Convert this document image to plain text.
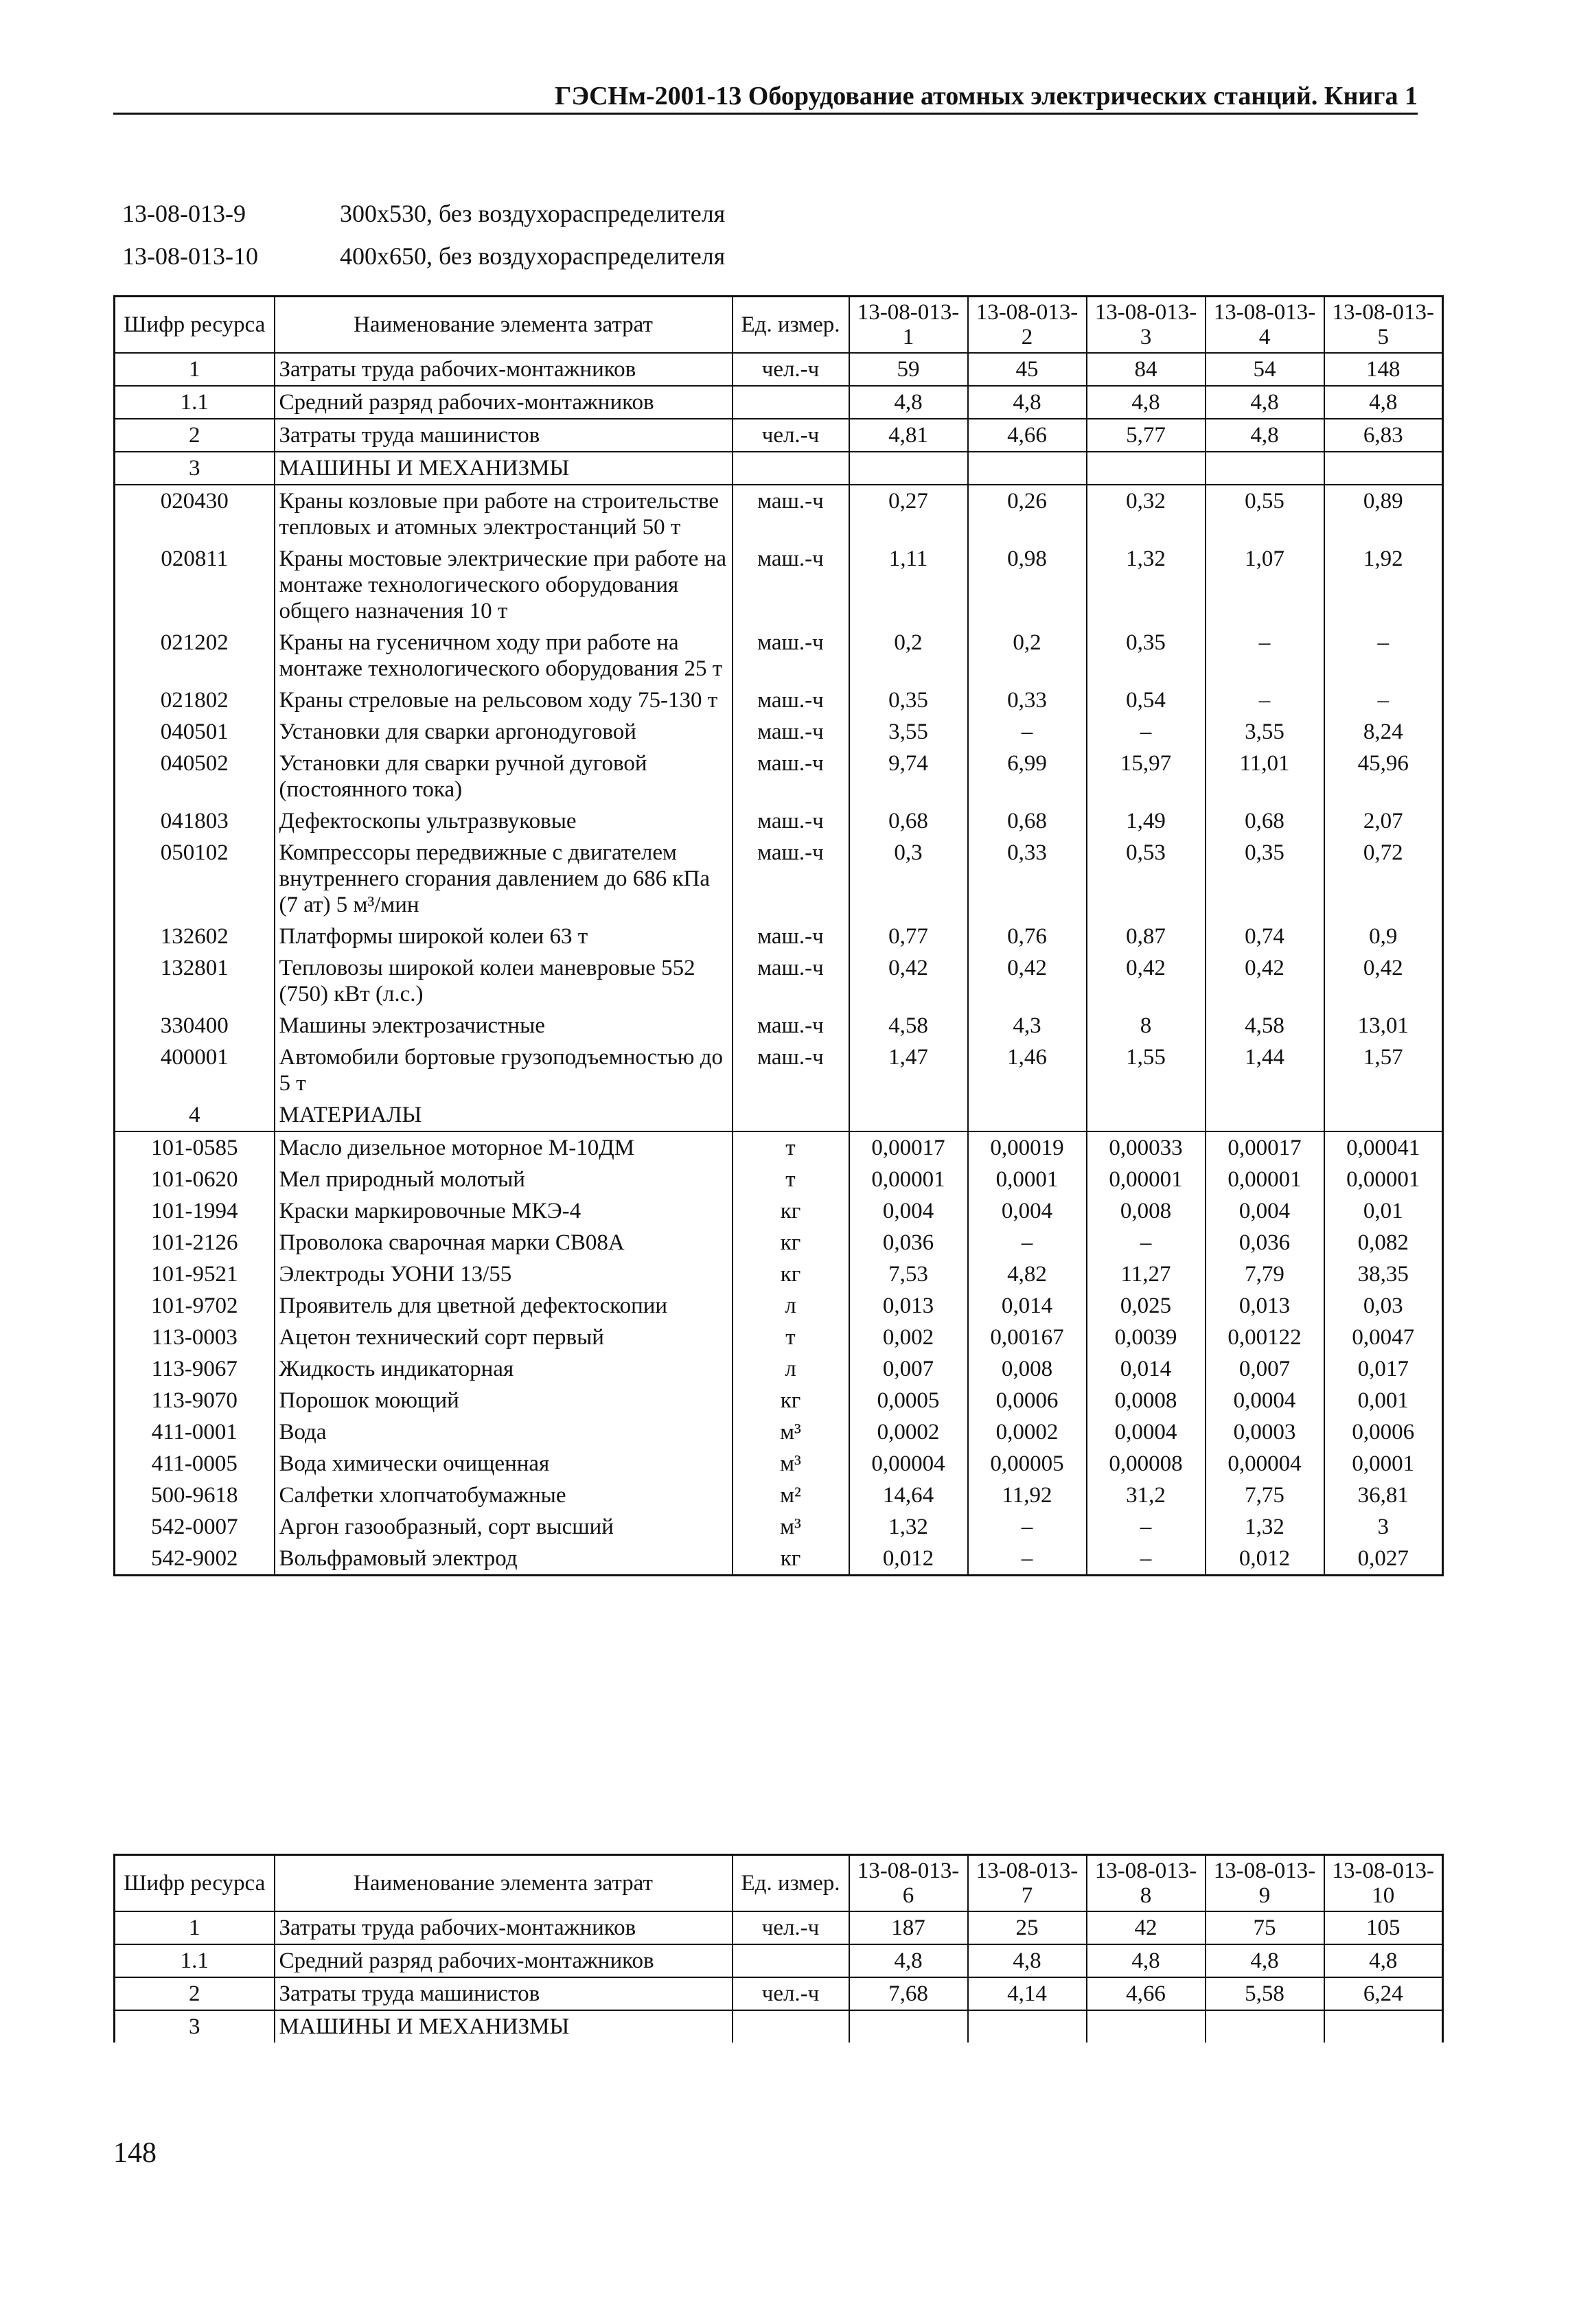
ГЭСНм-2001-13 Оборудование атомных электрических станций. Книга 1
13-08-013-9	300х530, без воздухораспределителя
13-08-013-10	400х650, без воздухораспределителя
Шифр ресурса	Наименование элемента затрат	Ед. измер.	13-08-013-1	13-08-013-2	13-08-013-3	13-08-013-4	13-08-013-5
1	Затраты труда рабочих-монтажников	чел.-ч	59	45	84	54	148
1.1	Средний разряд рабочих-монтажников		4,8	4,8	4,8	4,8	4,8
2	Затраты труда машинистов	чел.-ч	4,81	4,66	5,77	4,8	6,83
3	МАШИНЫ И МЕХАНИЗМЫ						
020430	Краны козловые при работе на строительстве тепловых и атомных электростанций 50 т	маш.-ч	0,27	0,26	0,32	0,55	0,89
020811	Краны мостовые электрические при работе на монтаже технологического оборудования общего назначения 10 т	маш.-ч	1,11	0,98	1,32	1,07	1,92
021202	Краны на гусеничном ходу при работе на монтаже технологического оборудования 25 т	маш.-ч	0,2	0,2	0,35	–	–
021802	Краны стреловые на рельсовом ходу 75-130 т	маш.-ч	0,35	0,33	0,54	–	–
040501	Установки для сварки аргонодуговой	маш.-ч	3,55	–	–	3,55	8,24
040502	Установки для сварки ручной дуговой (постоянного тока)	маш.-ч	9,74	6,99	15,97	11,01	45,96
041803	Дефектоскопы ультразвуковые	маш.-ч	0,68	0,68	1,49	0,68	2,07
050102	Компрессоры передвижные с двигателем внутреннего сгорания давлением до 686 кПа (7 ат) 5 м³/мин	маш.-ч	0,3	0,33	0,53	0,35	0,72
132602	Платформы широкой колеи 63 т	маш.-ч	0,77	0,76	0,87	0,74	0,9
132801	Тепловозы широкой колеи маневровые 552 (750) кВт (л.с.)	маш.-ч	0,42	0,42	0,42	0,42	0,42
330400	Машины электрозачистные	маш.-ч	4,58	4,3	8	4,58	13,01
400001	Автомобили бортовые грузоподъемностью до 5 т	маш.-ч	1,47	1,46	1,55	1,44	1,57
4	МАТЕРИАЛЫ						
101-0585	Масло дизельное моторное М-10ДМ	т	0,00017	0,00019	0,00033	0,00017	0,00041
101-0620	Мел природный молотый	т	0,00001	0,0001	0,00001	0,00001	0,00001
101-1994	Краски маркировочные МКЭ-4	кг	0,004	0,004	0,008	0,004	0,01
101-2126	Проволока сварочная марки СВ08А	кг	0,036	–	–	0,036	0,082
101-9521	Электроды УОНИ 13/55	кг	7,53	4,82	11,27	7,79	38,35
101-9702	Проявитель для цветной дефектоскопии	л	0,013	0,014	0,025	0,013	0,03
113-0003	Ацетон технический сорт первый	т	0,002	0,00167	0,0039	0,00122	0,0047
113-9067	Жидкость индикаторная	л	0,007	0,008	0,014	0,007	0,017
113-9070	Порошок моющий	кг	0,0005	0,0006	0,0008	0,0004	0,001
411-0001	Вода	м³	0,0002	0,0002	0,0004	0,0003	0,0006
411-0005	Вода химически очищенная	м³	0,00004	0,00005	0,00008	0,00004	0,0001
500-9618	Салфетки хлопчатобумажные	м²	14,64	11,92	31,2	7,75	36,81
542-0007	Аргон газообразный, сорт высший	м³	1,32	–	–	1,32	3
542-9002	Вольфрамовый электрод	кг	0,012	–	–	0,012	0,027
Шифр ресурса	Наименование элемента затрат	Ед. измер.	13-08-013-6	13-08-013-7	13-08-013-8	13-08-013-9	13-08-013-10
1	Затраты труда рабочих-монтажников	чел.-ч	187	25	42	75	105
1.1	Средний разряд рабочих-монтажников		4,8	4,8	4,8	4,8	4,8
2	Затраты труда машинистов	чел.-ч	7,68	4,14	4,66	5,58	6,24
3	МАШИНЫ И МЕХАНИЗМЫ						
148
